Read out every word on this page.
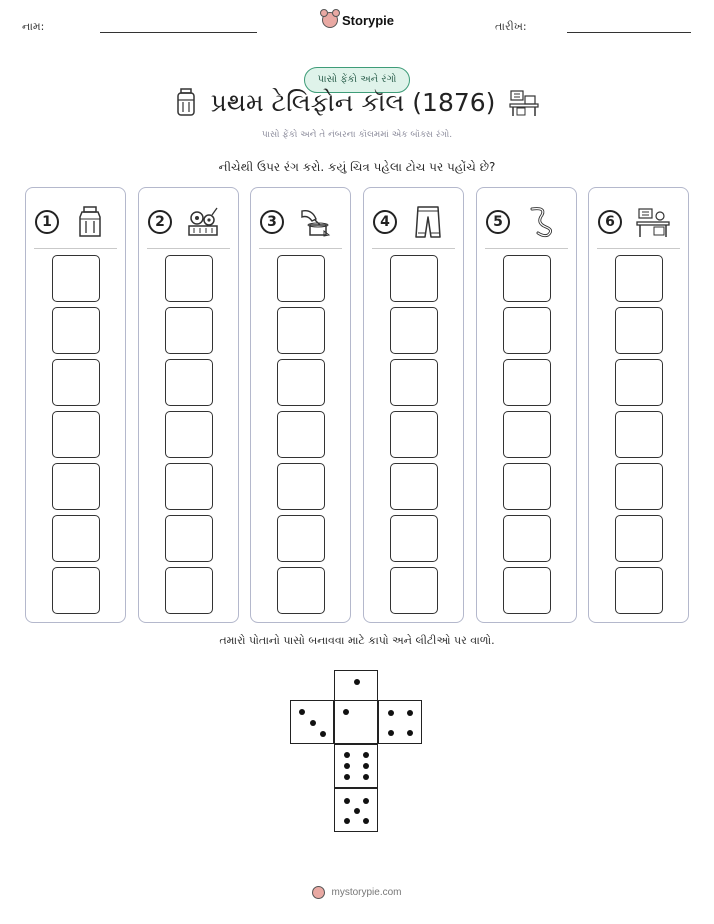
નામ:	Storypie	તારીખ:
પાસો ફેંકો અને રંગો
પ્રથમ ટેલિફોન કૉલ (1876)
પાસો ફેંકો અને તે નંબરના કૉલમમાં એક બૉક્સ રંગો.
નીચેથી ઉપર રંગ કરો. કયું ચિત્ર પહેલા ટોચ પર પહોંચે છે?
1	2	3	4	5	6
તમારો પોતાનો પાસો બનાવવા માટે કાપો અને લીટીઓ પર વાળો.
mystorypie.com
